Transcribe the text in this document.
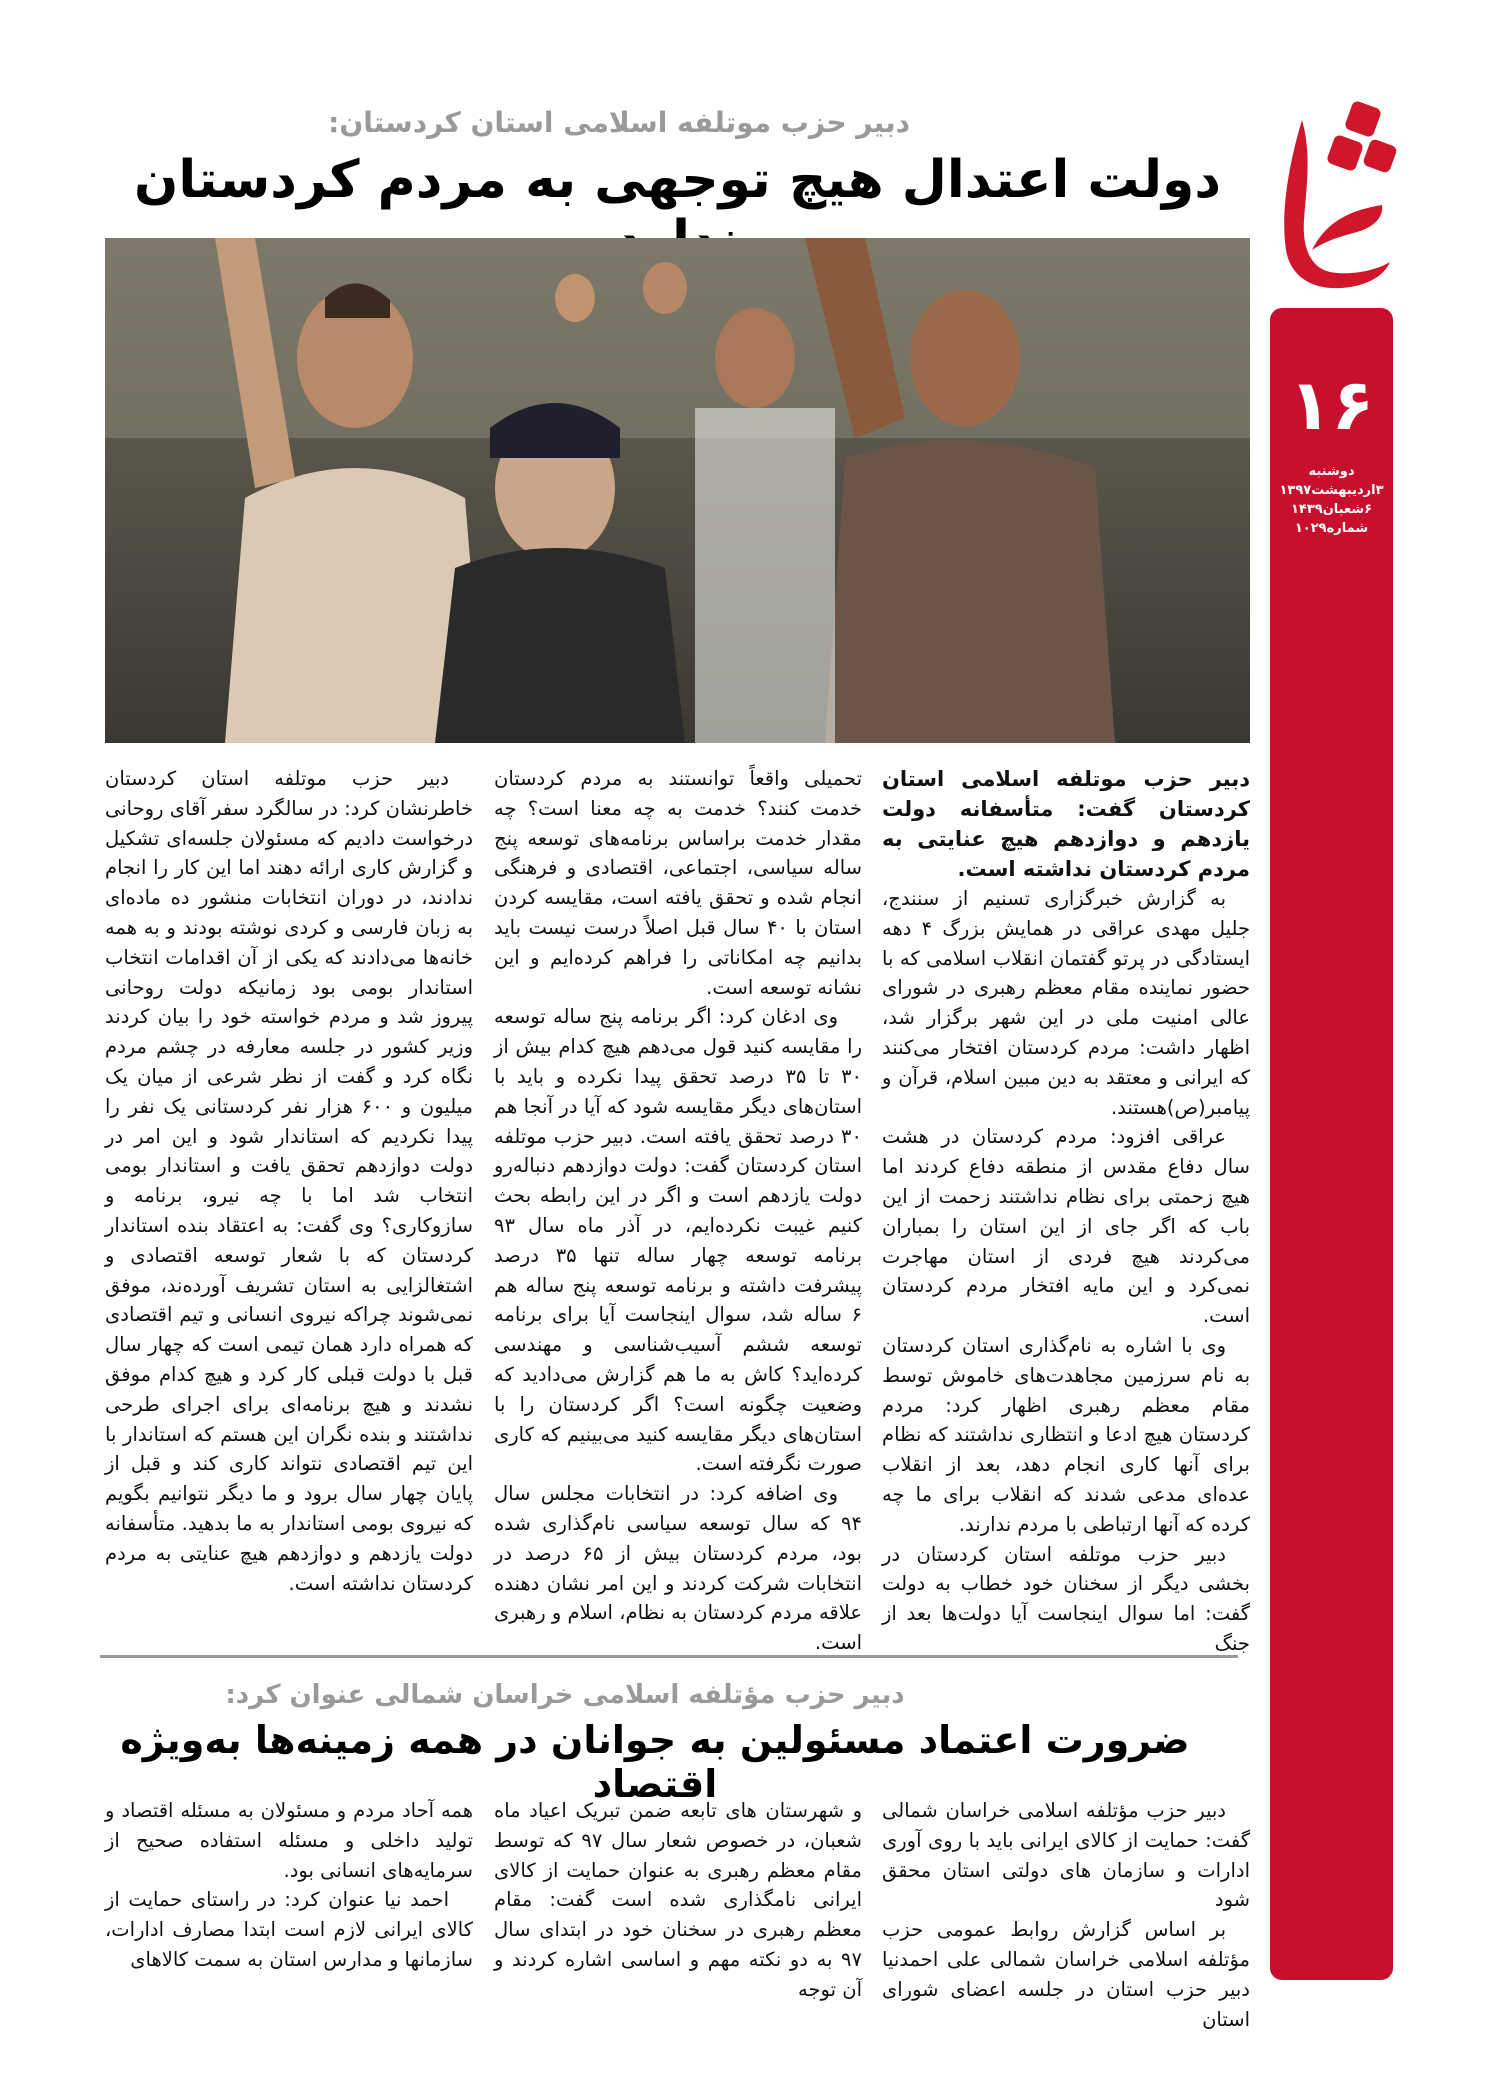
۱۶
دوشنبه
۳اردیبهشت۱۳۹۷
۶شعبان۱۴۳۹
شماره۱۰۲۹
دبیر حزب موتلفه اسلامی استان کردستان:
دولت اعتدال هیچ توجهی به مردم کردستان

دبیر حزب موتلفه اسلامی استان کردستان گفت: متأسفانه دولت یازدهم و دوازدهم هیچ عنایتی به مردم کردستان نداشته است.

به گزارش خبرگزاری تسنیم از سنندج، جلیل مهدی عراقی در همایش بزرگ ۴ دهه ایستادگی در پرتو گفتمان انقلاب اسلامی که با حضور نماینده مقام معظم رهبری در شورای عالی امنیت ملی در این شهر برگزار شد، اظهار داشت: مردم کردستان افتخار می‌کنند که ایرانی و معتقد به دین مبین اسلام، قرآن و پیامبر(ص)هستند.

عراقی افزود: مردم کردستان در هشت سال دفاع مقدس از منطقه دفاع کردند اما هیچ زحمتی برای نظام نداشتند زحمت از این باب که اگر جای از این استان را بمباران می‌کردند هیچ فردی از استان مهاجرت نمی‌کرد و این مایه افتخار مردم کردستان است.

وی با اشاره به نام‌گذاری استان کردستان به نام سرزمین مجاهدت‌های خاموش توسط مقام معظم رهبری اظهار کرد: مردم کردستان هیچ ادعا و انتظاری نداشتند که نظام برای آنها کاری انجام دهد، بعد از انقلاب عده‌ای مدعی شدند که انقلاب برای ما چه کرده که آنها ارتباطی با مردم ندارند.

دبیر حزب موتلفه استان کردستان در بخشی دیگر از سخنان خود خطاب به دولت گفت: اما سوال اینجاست آیا دولت‌ها بعد از جنگ

تحمیلی واقعاً توانستند به مردم کردستان خدمت کنند؟ خدمت به چه معنا است؟ چه مقدار خدمت براساس برنامه‌های توسعه پنج ساله سیاسی، اجتماعی، اقتصادی و فرهنگی انجام شده و تحقق یافته است، مقایسه کردن استان با ۴۰ سال قبل اصلاً درست نیست باید بدانیم چه امکاناتی را فراهم کرده‌ایم و این نشانه توسعه است.

وی ادغان کرد: اگر برنامه پنج ساله توسعه را مقایسه کنید قول می‌دهم هیچ کدام بیش از ۳۰ تا ۳۵ درصد تحقق پیدا نکرده و باید با استان‌های دیگر مقایسه شود که آیا در آنجا هم ۳۰ درصد تحقق یافته است. دبیر حزب موتلفه استان کردستان گفت: دولت دوازدهم دنباله‌رو دولت یازدهم است و اگر در این رابطه بحث کنیم غیبت نکرده‌ایم، در آذر ماه سال ۹۳ برنامه توسعه چهار ساله تنها ۳۵ درصد پیشرفت داشته و برنامه توسعه پنج ساله هم ۶ ساله شد، سوال اینجاست آیا برای برنامه توسعه ششم آسیب‌شناسی و مهندسی کرده‌اید؟ کاش به ما هم گزارش می‌دادید که وضعیت چگونه است؟ اگر کردستان را با استان‌های دیگر مقایسه کنید می‌بینیم که کاری صورت نگرفته است.

وی اضافه کرد: در انتخابات مجلس سال ۹۴ که سال توسعه سیاسی نام‌گذاری شده بود، مردم کردستان بیش از ۶۵ درصد در انتخابات شرکت کردند و این امر نشان دهنده علاقه مردم کردستان به نظام، اسلام و رهبری است.

دبیر حزب موتلفه استان کردستان خاطرنشان کرد: در سالگرد سفر آقای روحانی درخواست دادیم که مسئولان جلسه‌ای تشکیل و گزارش کاری ارائه دهند اما این کار را انجام ندادند، در دوران انتخابات منشور ده ماده‌ای به زبان فارسی و کردی نوشته بودند و به همه خانه‌ها می‌دادند که یکی از آن اقدامات انتخاب استاندار بومی بود زمانیکه دولت روحانی پیروز شد و مردم خواسته خود را بیان کردند وزیر کشور در جلسه معارفه در چشم مردم نگاه کرد و گفت از نظر شرعی از میان یک میلیون و ۶۰۰ هزار نفر کردستانی یک نفر را پیدا نکردیم که استاندار شود و این امر در دولت دوازدهم تحقق یافت و استاندار بومی انتخاب شد اما با چه نیرو، برنامه و سازوکاری؟ وی گفت: به اعتقاد بنده استاندار کردستان که با شعار توسعه اقتصادی و اشتغالزایی به استان تشریف آورده‌ند، موفق نمی‌شوند چراکه نیروی انسانی و تیم اقتصادی که همراه دارد همان تیمی است که چهار سال قبل با دولت قبلی کار کرد و هیچ کدام موفق نشدند و هیچ برنامه‌ای برای اجرای طرحی نداشتند و بنده نگران این هستم که استاندار با این تیم اقتصادی نتواند کاری کند و قبل از پایان چهار سال برود و ما دیگر نتوانیم بگویم که نیروی بومی استاندار به ما بدهید. متأسفانه دولت یازدهم و دوازدهم هیچ عنایتی به مردم کردستان نداشته است.

دبیر حزب مؤتلفه اسلامی خراسان شمالی عنوان کرد:
ضرورت اعتماد مسئولین به جوانان در همه زمینه‌ها به‌ویژه اقتصاد

دبیر حزب مؤتلفه اسلامی خراسان شمالی گفت: حمایت از کالای ایرانی باید با روی آوری ادارات و سازمان های دولتی استان محقق شود

بر اساس گزارش روابط عمومی حزب مؤتلفه اسلامی خراسان شمالی علی احمدنیا دبیر حزب استان در جلسه اعضای شورای استان

و شهرستان های تابعه ضمن تبریک اعیاد ماه شعبان، در خصوص شعار سال ۹۷ که توسط مقام معظم رهبری به عنوان حمایت از کالای ایرانی نامگذاری شده است گفت: مقام معظم رهبری در سخنان خود در ابتدای سال ۹۷ به دو نکته مهم و اساسی اشاره کردند و آن توجه

همه آحاد مردم و مسئولان به مسئله اقتصاد و تولید داخلی و مسئله استفاده صحیح از سرمایه‌های انسانی بود.

احمد نیا عنوان کرد: در راستای حمایت از کالای ایرانی لازم است ابتدا مصارف ادارات، سازمانها و مدارس استان به سمت کالاهای
